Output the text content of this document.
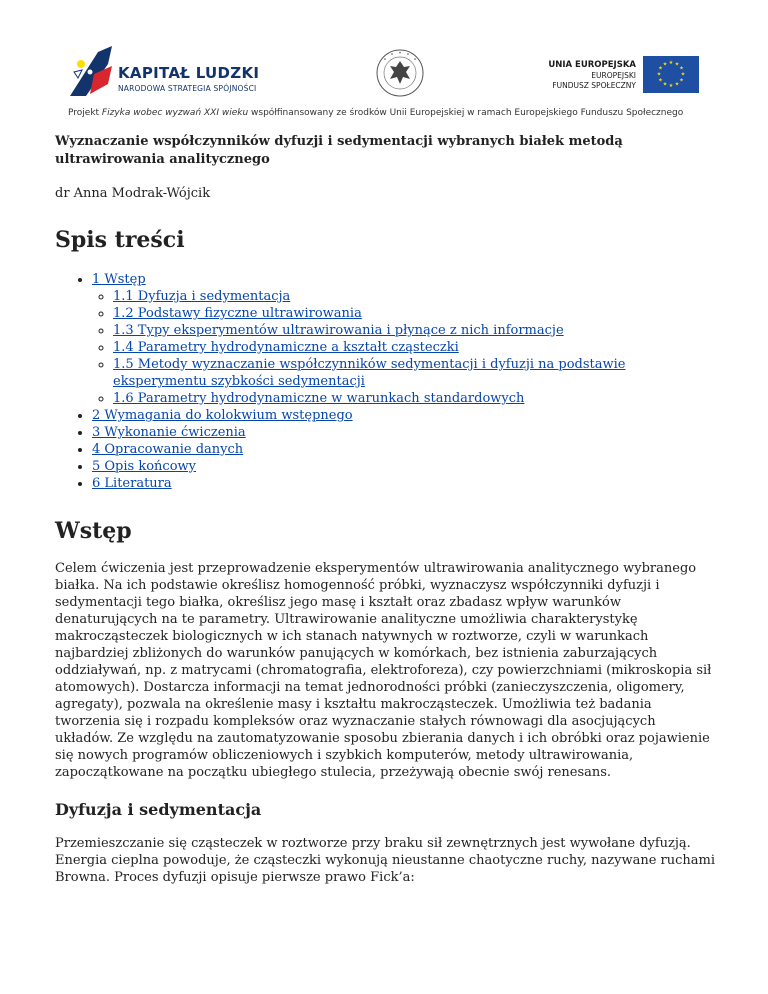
KAPITAŁ LUDZKI
NARODOWA STRATEGIA SPÓJNOŚCI
UNIA EUROPEJSKA
EUROPEJSKI
FUNDUSZ SPOŁECZNY
★ ★
★
★
★
★
★
★
★
★
★
★
Projekt Fizyka wobec wyzwań XXI wieku współfinansowany ze środków Unii Europejskiej w ramach Europejskiego Funduszu Społecznego
Wyznaczanie współczynników dyfuzji i sedymentacji wybranych białek metodą ultrawirowania analitycznego
dr Anna Modrak-Wójcik
Spis treści
• 1 Wstęp
◦ 1.1 Dyfuzja i sedymentacja
◦ 1.2 Podstawy fizyczne ultrawirowania
◦ 1.3 Typy eksperymentów ultrawirowania i płynące z nich informacje
◦ 1.4 Parametry hydrodynamiczne a kształt cząsteczki
◦ 1.5 Metody wyznaczanie współczynników sedymentacji i dyfuzji na podstawie eksperymentu szybkości sedymentacji
◦ 1.6 Parametry hydrodynamiczne w warunkach standardowych
• 2 Wymagania do kolokwium wstępnego
• 3 Wykonanie ćwiczenia
• 4 Opracowanie danych
• 5 Opis końcowy
• 6 Literatura
Wstęp

Celem ćwiczenia jest przeprowadzenie eksperymentów ultrawirowania analitycznego wybranego białka. Na ich podstawie określisz homogenność próbki, wyznaczysz współczynniki dyfuzji i sedymentacji tego białka, określisz jego masę i kształt oraz zbadasz wpływ warunków denaturujących na te parametry. Ultrawirowanie analityczne umożliwia charakterystykę makrocząsteczek biologicznych w ich stanach natywnych w roztworze, czyli w warunkach najbardziej zbliżonych do warunków panujących w komórkach, bez istnienia zaburzających oddziaływań, np. z matrycami (chromatografia, elektroforeza), czy powierzchniami (mikroskopia sił atomowych). Dostarcza informacji na temat jednorodności próbki (zanieczyszczenia, oligomery, agregaty), pozwala na określenie masy i kształtu makrocząsteczek. Umożliwia też badania tworzenia się i rozpadu kompleksów oraz wyznaczanie stałych równowagi dla asocjujących układów. Ze względu na zautomatyzowanie sposobu zbierania danych i ich obróbki oraz pojawienie się nowych programów obliczeniowych i szybkich komputerów, metody ultrawirowania, zapoczątkowane na początku ubiegłego stulecia, przeżywają obecnie swój renesans.

Dyfuzja i sedymentacja

Przemieszczanie się cząsteczek w roztworze przy braku sił zewnętrznych jest wywołane dyfuzją. Energia cieplna powoduje, że cząsteczki wykonują nieustanne chaotyczne ruchy, nazywane ruchami Browna. Proces dyfuzji opisuje pierwsze prawo Fick’a:
